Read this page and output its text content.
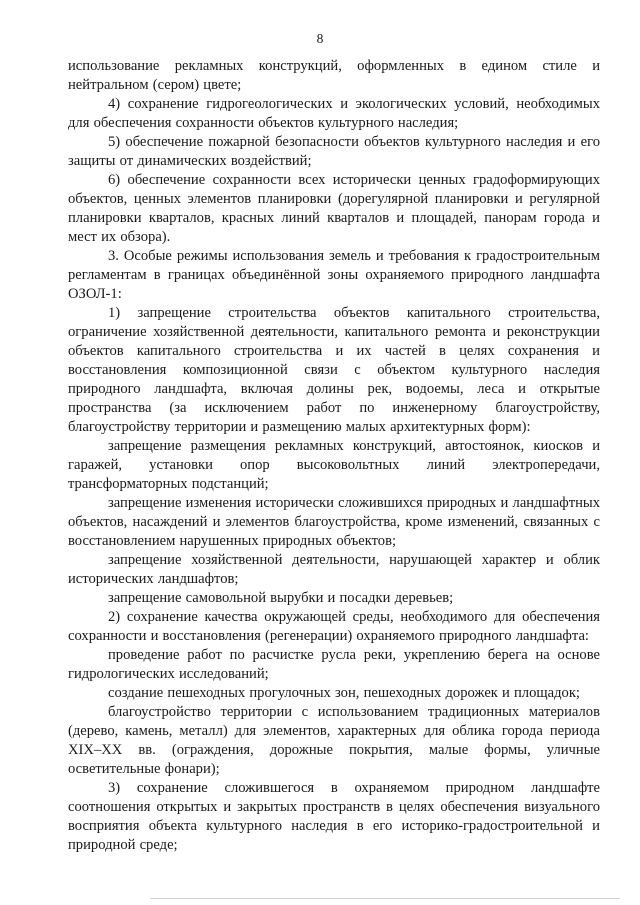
8

использование рекламных конструкций, оформленных в едином стиле и нейтральном (сером) цвете;

4) сохранение гидрогеологических и экологических условий, необходимых для обеспечения сохранности объектов культурного наследия;

5) обеспечение пожарной безопасности объектов культурного наследия и его защиты от динамических воздействий;

6) обеспечение сохранности всех исторически ценных градоформирующих объектов, ценных элементов планировки (дорегулярной планировки и регулярной планировки кварталов, красных линий кварталов и площадей, панорам города и мест их обзора).

3. Особые режимы использования земель и требования к градостроительным регламентам в границах объединённой зоны охраняемого природного ландшафта ОЗОЛ-1:

1) запрещение строительства объектов капитального строительства, ограничение хозяйственной деятельности, капитального ремонта и реконструкции объектов капитального строительства и их частей в целях сохранения и восстановления композиционной связи с объектом культурного наследия природного ландшафта, включая долины рек, водоемы, леса и открытые пространства (за исключением работ по инженерному благоустройству, благоустройству территории и размещению малых архитектурных форм):

запрещение размещения рекламных конструкций, автостоянок, киосков и гаражей, установки опор высоковольтных линий электропередачи, трансформаторных подстанций;

запрещение изменения исторически сложившихся природных и ландшафтных объектов, насаждений и элементов благоустройства, кроме изменений, связанных с восстановлением нарушенных природных объектов;

запрещение хозяйственной деятельности, нарушающей характер и облик исторических ландшафтов;

запрещение самовольной вырубки и посадки деревьев;

2) сохранение качества окружающей среды, необходимого для обеспечения сохранности и восстановления (регенерации) охраняемого природного ландшафта:

проведение работ по расчистке русла реки, укреплению берега на основе гидрологических исследований;

создание пешеходных прогулочных зон, пешеходных дорожек и площадок;

благоустройство территории с использованием традиционных материалов (дерево, камень, металл) для элементов, характерных для облика города периода XIX–XX вв. (ограждения, дорожные покрытия, малые формы, уличные осветительные фонари);

3) сохранение сложившегося в охраняемом природном ландшафте соотношения открытых и закрытых пространств в целях обеспечения визуального восприятия объекта культурного наследия в его историко-градостроительной и природной среде;
